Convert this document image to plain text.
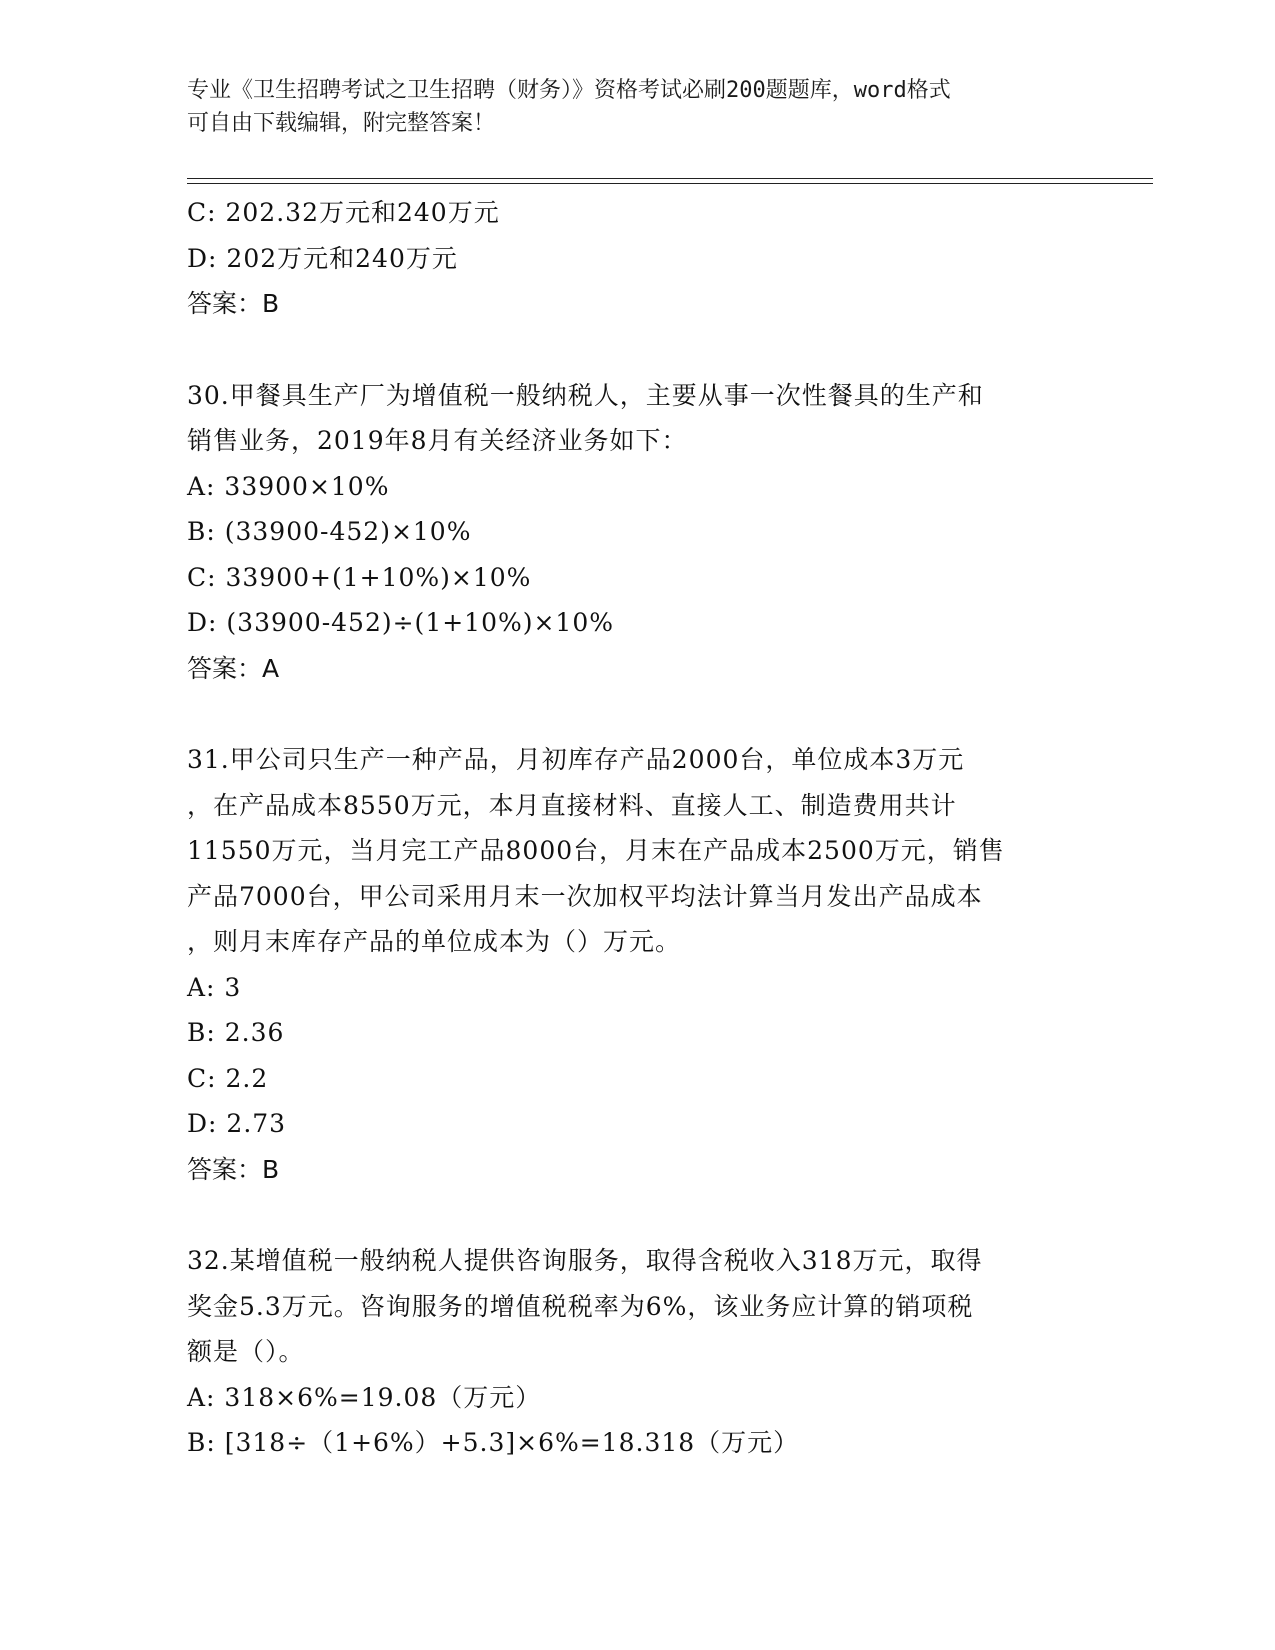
专业《卫生招聘考试之卫生招聘（财务）》资格考试必刷200题题库，word格式
可自由下载编辑，附完整答案！
C: 202.32万元和240万元
D: 202万元和240万元
答案：B
30.甲餐具生产厂为增值税一般纳税人，主要从事一次性餐具的生产和
销售业务，2019年8月有关经济业务如下：
A: 33900×10%
B: (33900-452)×10%
C: 33900+(1+10%)×10%
D: (33900-452)÷(1+10%)×10%
答案：A
31.甲公司只生产一种产品，月初库存产品2000台，单位成本3万元
，在产品成本8550万元，本月直接材料、直接人工、制造费用共计
11550万元，当月完工产品8000台，月末在产品成本2500万元，销售
产品7000台，甲公司采用月末一次加权平均法计算当月发出产品成本
，则月末库存产品的单位成本为（）万元。
A: 3
B: 2.36
C: 2.2
D: 2.73
答案：B
32.某增值税一般纳税人提供咨询服务，取得含税收入318万元，取得
奖金5.3万元。咨询服务的增值税税率为6%，该业务应计算的销项税
额是（）。
A: 318×6%=19.08（万元）
B: [318÷（1+6%）+5.3]×6%=18.318（万元）
